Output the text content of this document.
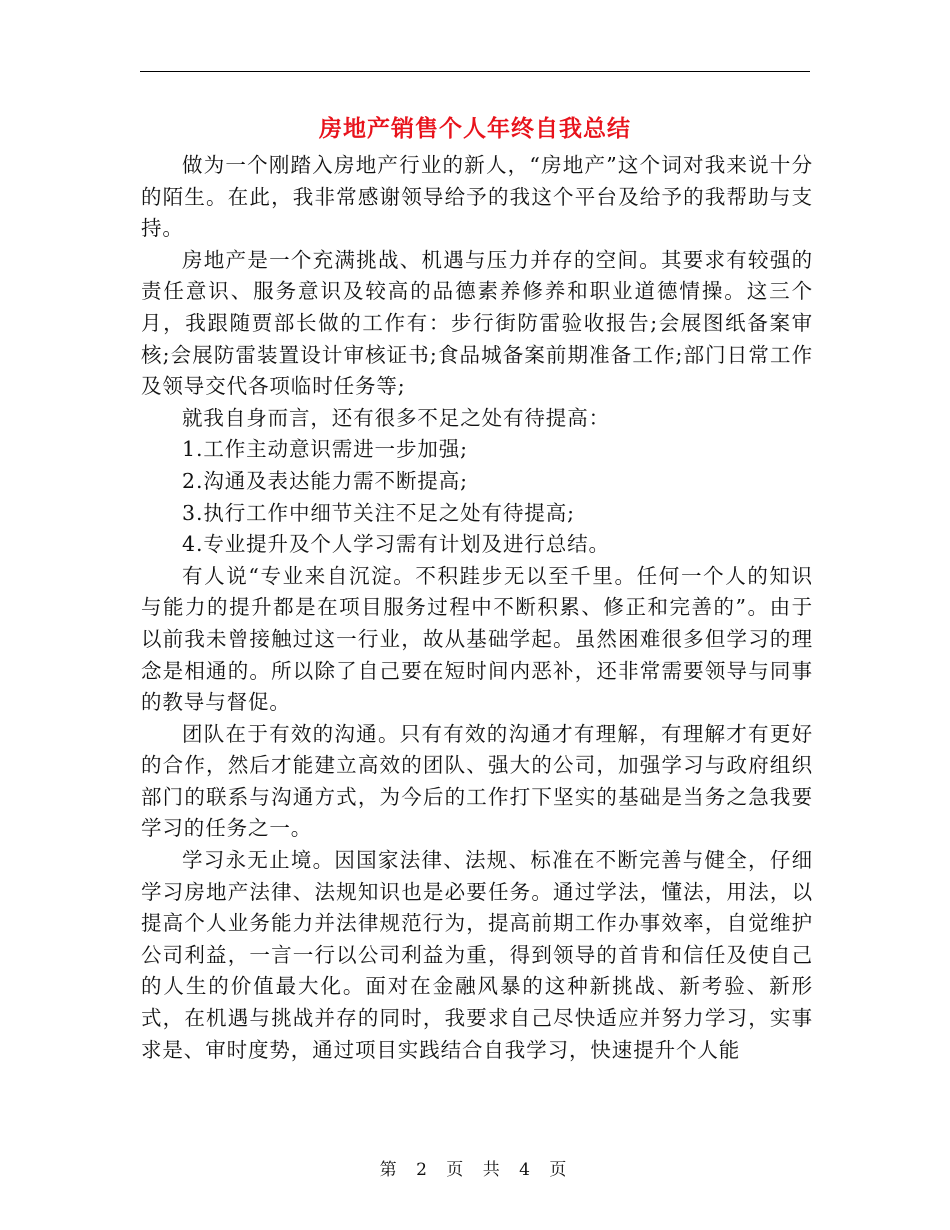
房地产销售个人年终自我总结

做为一个刚踏入房地产行业的新人，“房地产”这个词对我来说十分的陌生。在此，我非常感谢领导给予的我这个平台及给予的我帮助与支持。

房地产是一个充满挑战、机遇与压力并存的空间。其要求有较强的责任意识、服务意识及较高的品德素养修养和职业道德情操。这三个月，我跟随贾部长做的工作有：步行街防雷验收报告;会展图纸备案审核;会展防雷装置设计审核证书;食品城备案前期准备工作;部门日常工作及领导交代各项临时任务等;

就我自身而言，还有很多不足之处有待提高：

1.工作主动意识需进一步加强;

2.沟通及表达能力需不断提高;

3.执行工作中细节关注不足之处有待提高;

4.专业提升及个人学习需有计划及进行总结。

有人说“专业来自沉淀。不积跬步无以至千里。任何一个人的知识与能力的提升都是在项目服务过程中不断积累、修正和完善的”。由于以前我未曾接触过这一行业，故从基础学起。虽然困难很多但学习的理念是相通的。所以除了自己要在短时间内恶补，还非常需要领导与同事的教导与督促。

团队在于有效的沟通。只有有效的沟通才有理解，有理解才有更好的合作，然后才能建立高效的团队、强大的公司，加强学习与政府组织部门的联系与沟通方式，为今后的工作打下坚实的基础是当务之急我要学习的任务之一。

学习永无止境。因国家法律、法规、标准在不断完善与健全，仔细学习房地产法律、法规知识也是必要任务。通过学法，懂法，用法，以提高个人业务能力并法律规范行为，提高前期工作办事效率，自觉维护公司利益，一言一行以公司利益为重，得到领导的首肯和信任及使自己的人生的价值最大化。面对在金融风暴的这种新挑战、新考验、新形式，在机遇与挑战并存的同时，我要求自己尽快适应并努力学习，实事求是、审时度势，通过项目实践结合自我学习，快速提升个人能

第 2 页 共 4 页
